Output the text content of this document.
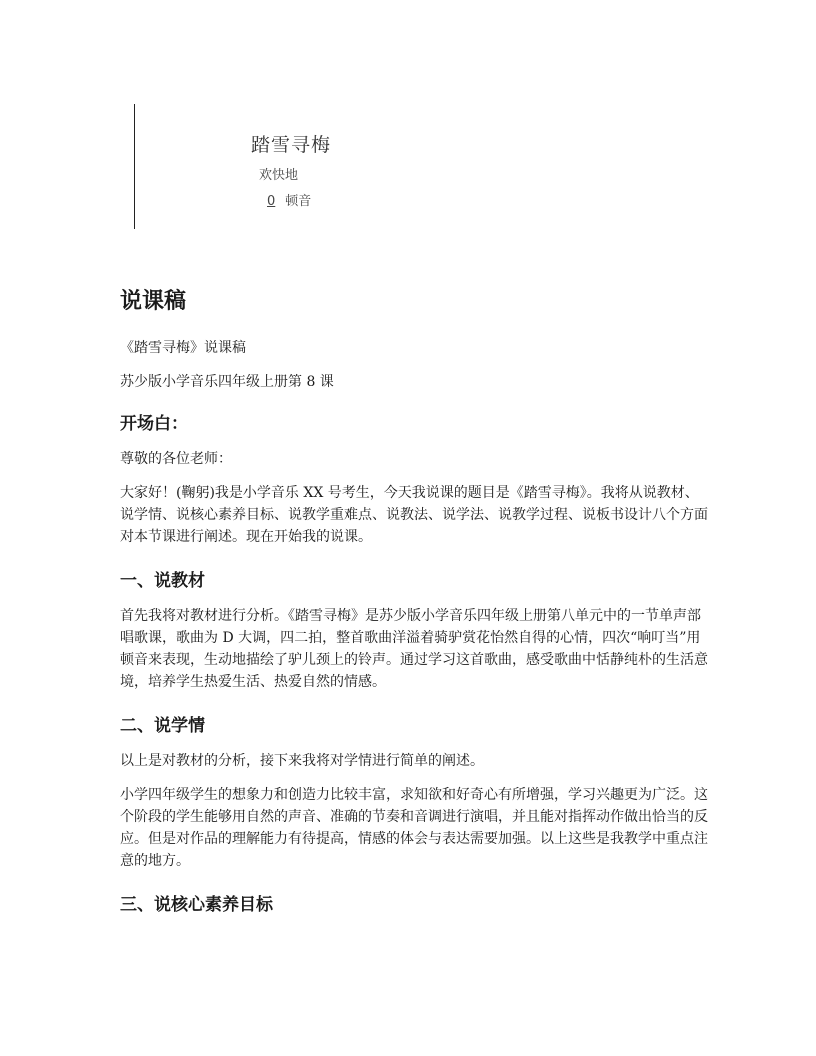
踏雪寻梅
欢快地
0 顿音
说课稿

《踏雪寻梅》说课稿

苏少版小学音乐四年级上册第 8 课

开场白：

尊敬的各位老师：

大家好！(鞠躬)我是小学音乐 XX 号考生，今天我说课的题目是《踏雪寻梅》。我将从说教材、说学情、说核心素养目标、说教学重难点、说教法、说学法、说教学过程、说板书设计八个方面对本节课进行阐述。现在开始我的说课。

一、说教材

首先我将对教材进行分析。《踏雪寻梅》是苏少版小学音乐四年级上册第八单元中的一节单声部唱歌课，歌曲为 D 大调，四二拍，整首歌曲洋溢着骑驴赏花怡然自得的心情，四次“响叮当”用顿音来表现，生动地描绘了驴儿颈上的铃声。通过学习这首歌曲，感受歌曲中恬静纯朴的生活意境，培养学生热爱生活、热爱自然的情感。

二、说学情

以上是对教材的分析，接下来我将对学情进行简单的阐述。

小学四年级学生的想象力和创造力比较丰富，求知欲和好奇心有所增强，学习兴趣更为广泛。这个阶段的学生能够用自然的声音、准确的节奏和音调进行演唱，并且能对指挥动作做出恰当的反应。但是对作品的理解能力有待提高，情感的体会与表达需要加强。以上这些是我教学中重点注意的地方。

三、说核心素养目标
